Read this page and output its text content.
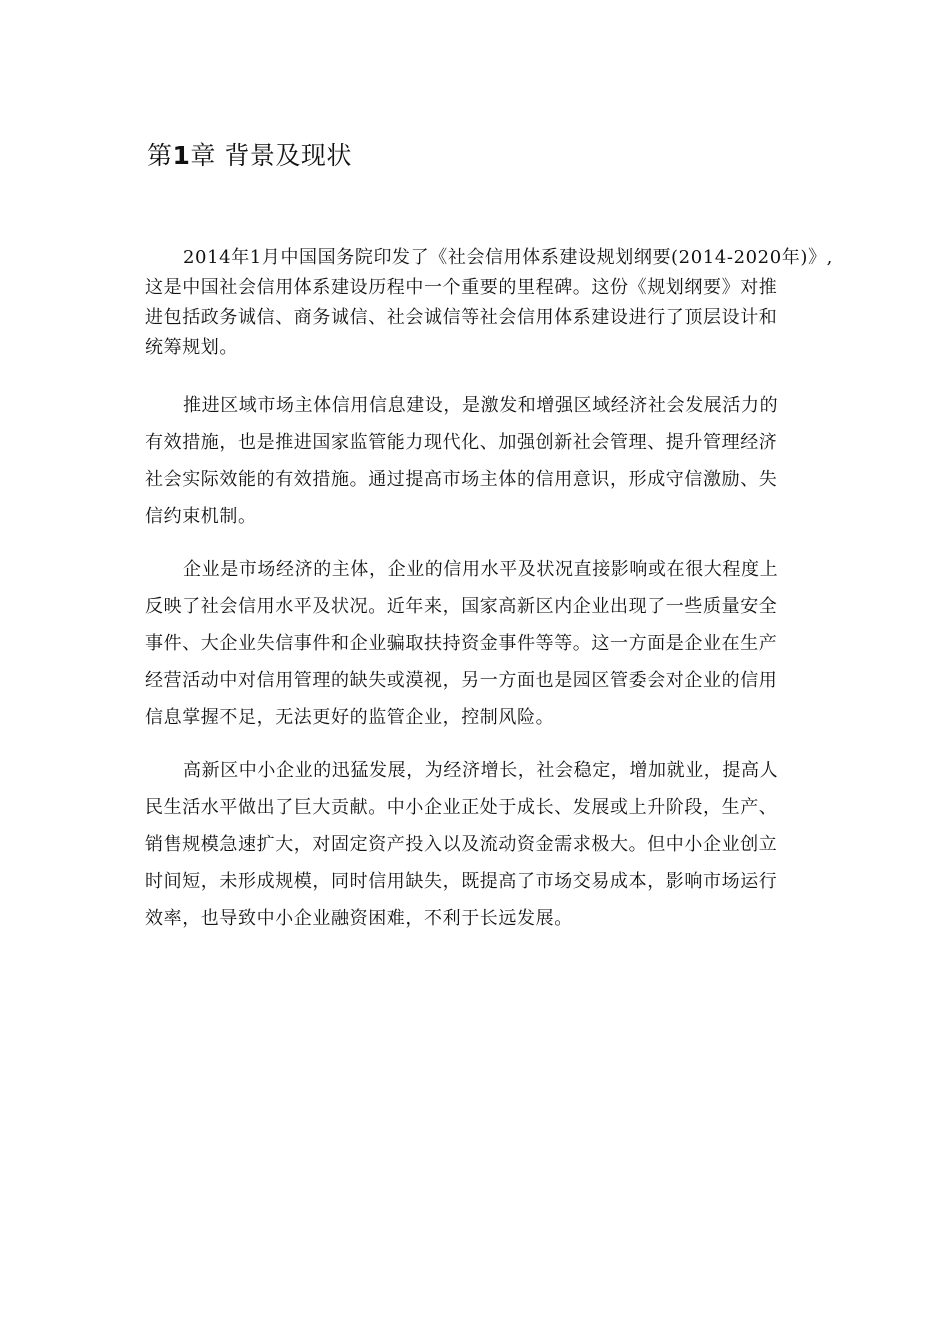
第1章 背景及现状

2014年1月中国国务院印发了《社会信用体系建设规划纲要(2014-2020年)》,
这是中国社会信用体系建设历程中一个重要的里程碑。这份《规划纲要》对推
进包括政务诚信、商务诚信、社会诚信等社会信用体系建设进行了顶层设计和
统筹规划。

推进区域市场主体信用信息建设，是激发和增强区域经济社会发展活力的
有效措施，也是推进国家监管能力现代化、加强创新社会管理、提升管理经济
社会实际效能的有效措施。通过提高市场主体的信用意识，形成守信激励、失
信约束机制。

企业是市场经济的主体，企业的信用水平及状况直接影响或在很大程度上
反映了社会信用水平及状况。近年来，国家高新区内企业出现了一些质量安全
事件、大企业失信事件和企业骗取扶持资金事件等等。这一方面是企业在生产
经营活动中对信用管理的缺失或漠视，另一方面也是园区管委会对企业的信用
信息掌握不足，无法更好的监管企业，控制风险。

高新区中小企业的迅猛发展，为经济增长，社会稳定，增加就业，提高人
民生活水平做出了巨大贡献。中小企业正处于成长、发展或上升阶段，生产、
销售规模急速扩大，对固定资产投入以及流动资金需求极大。但中小企业创立
时间短，未形成规模，同时信用缺失，既提高了市场交易成本，影响市场运行
效率，也导致中小企业融资困难，不利于长远发展。
